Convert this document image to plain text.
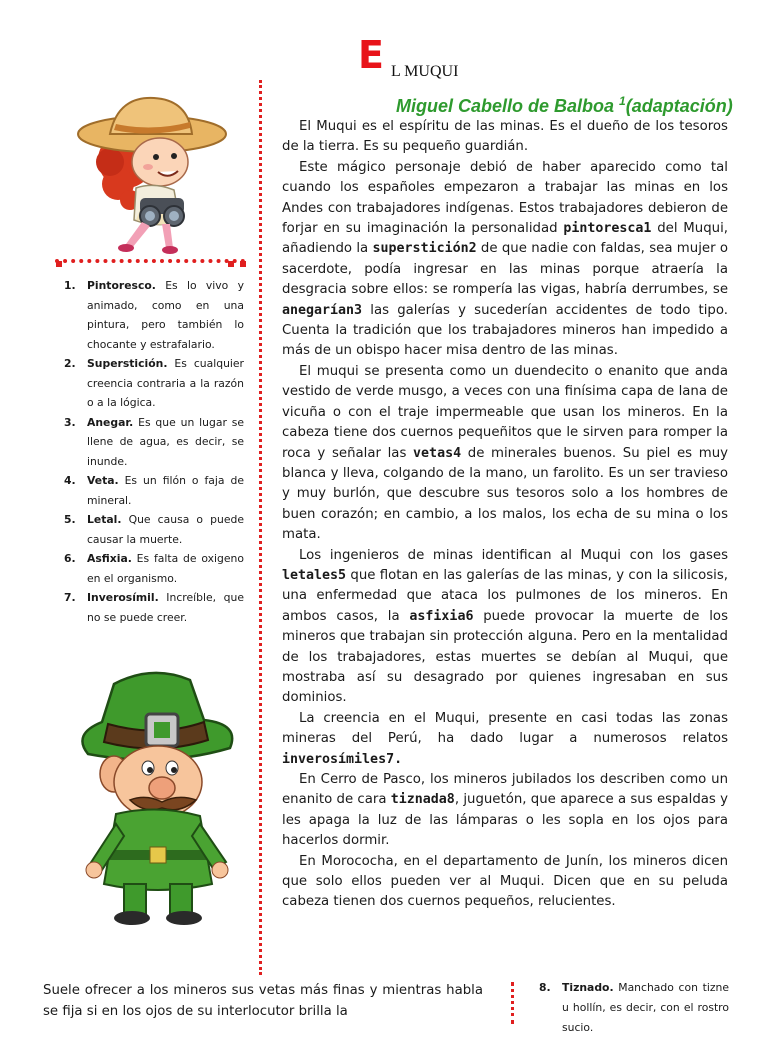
E L MUQUI
Miguel Cabello de Balboa $^1$(adaptación)

El Muqui es el espíritu de las minas. Es el dueño de los tesoros de la tierra. Es su pequeño guardián.

Este mágico personaje debió de haber aparecido como tal cuando los españoles empezaron a trabajar las minas en los Andes con trabajadores indígenas. Estos trabajadores debieron de forjar en su imaginación la personalidad pintoresca1 del Muqui, añadiendo la superstición2 de que nadie con faldas, sea mujer o sacerdote, podía ingresar en las minas porque atraería la desgracia sobre ellos: se rompería las vigas, habría derrumbes, se anegarían3 las galerías y sucederían accidentes de todo tipo. Cuenta la tradición que los trabajadores mineros han impedido a más de un obispo hacer misa dentro de las minas.

El muqui se presenta como un duendecito o enanito que anda vestido de verde musgo, a veces con una finísima capa de lana de vicuña o con el traje impermeable que usan los mineros. En la cabeza tiene dos cuernos pequeñitos que le sirven para romper la roca y señalar las vetas4 de minerales buenos. Su piel es muy blanca y lleva, colgando de la mano, un farolito. Es un ser travieso y muy burlón, que descubre sus tesoros solo a los hombres de buen corazón; en cambio, a los malos, los echa de su mina o los mata.

Los ingenieros de minas identifican al Muqui con los gases letales5 que flotan en las galerías de las minas, y con la silicosis, una enfermedad que ataca los pulmones de los mineros. En ambos casos, la asfixia6 puede provocar la muerte de los mineros que trabajan sin protección alguna. Pero en la mentalidad de los trabajadores, estas muertes se debían al Muqui, que mostraba así su desagrado por quienes ingresaban en sus dominios.

La creencia en el Muqui, presente en casi todas las zonas mineras del Perú, ha dado lugar a numerosos relatos inverosímiles7.

En Cerro de Pasco, los mineros jubilados los describen como un enanito de cara tiznada8, juguetón, que aparece a sus espaldas y les apaga la luz de las lámparas o les sopla en los ojos para hacerlos dormir.

En Morococha, en el departamento de Junín, los mineros dicen que solo ellos pueden ver al Muqui. Dicen que en su peluda cabeza tienen dos cuernos pequeños, relucientes.

1. Pintoresco. Es lo vivo y animado, como en una pintura, pero también lo chocante y estrafalario.
2. Superstición. Es cualquier creencia contraria a la razón o a la lógica.
3. Anegar. Es que un lugar se llene de agua, es decir, se inunde.
4. Veta. Es un filón o faja de mineral.
5. Letal. Que causa o puede causar la muerte.
6. Asfixia. Es falta de oxigeno en el organismo.
7. Inverosímil. Increíble, que no se puede creer.
Suele ofrecer a los mineros sus vetas más finas y mientras habla se fija si en los ojos de su interlocutor brilla la
8. Tiznado. Manchado con tizne u hollín, es decir, con el rostro sucio.
